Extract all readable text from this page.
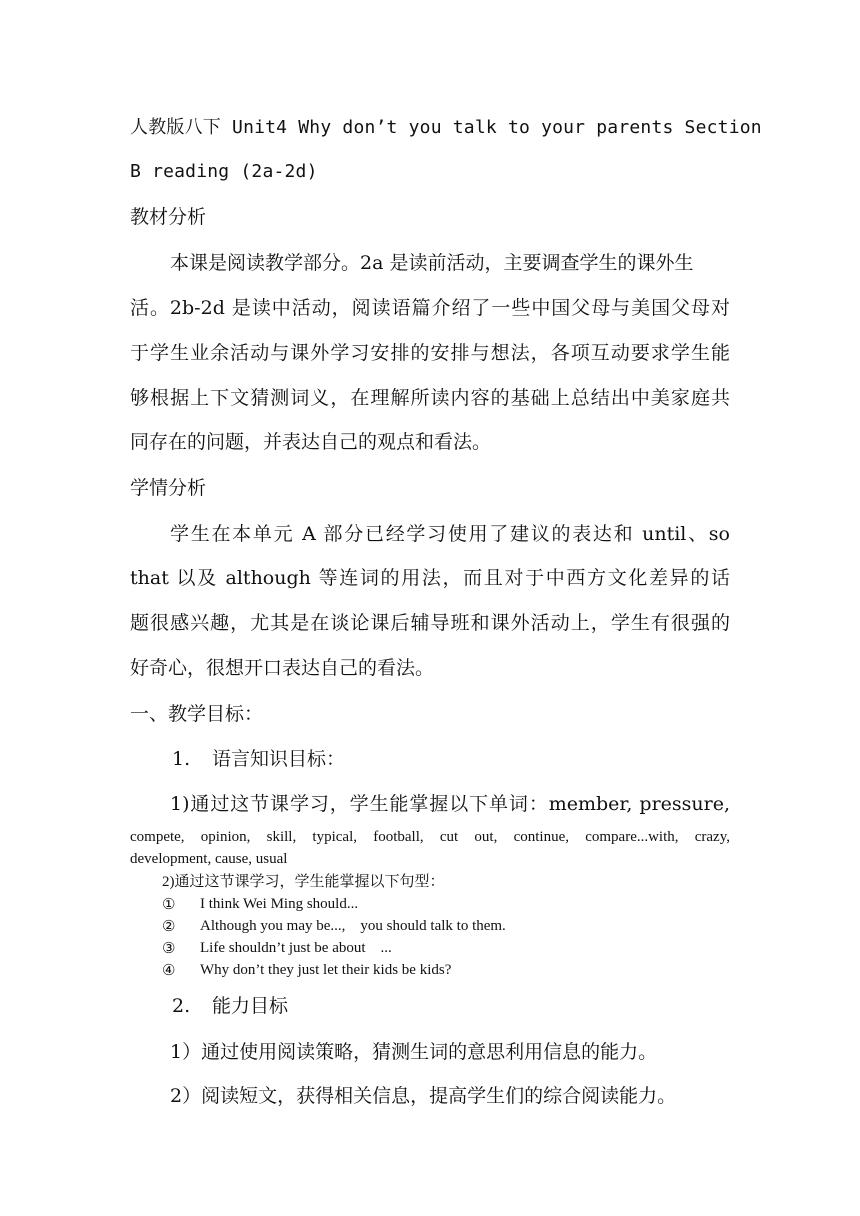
人教版八下 Unit4 Why don’t you talk to your parents Section
B reading (2a-2d)
教材分析
本课是阅读教学部分。2a 是读前活动，主要调查学生的课外生
活。2b-2d 是读中活动，阅读语篇介绍了一些中国父母与美国父母对
于学生业余活动与课外学习安排的安排与想法，各项互动要求学生能
够根据上下文猜测词义，在理解所读内容的基础上总结出中美家庭共
同存在的问题，并表达自己的观点和看法。
学情分析
学生在本单元 A 部分已经学习使用了建议的表达和 until、so
that 以及 although 等连词的用法，而且对于中西方文化差异的话
题很感兴趣，尤其是在谈论课后辅导班和课外活动上，学生有很强的
好奇心，很想开口表达自己的看法。
一、教学目标：
1.	语言知识目标：
1)通过这节课学习，学生能掌握以下单词：member, pressure,
compete, opinion, skill, typical, football, cut out, continue, compare...with, crazy,
development, cause, usual
2)通过这节课学习，学生能掌握以下句型：
①	I think Wei Ming should...
②	Although you may be...,    you should talk to them.
③	Life shouldn’t just be about    ...
④	Why don’t they just let their kids be kids?
2.	能力目标
1）通过使用阅读策略，猜测生词的意思利用信息的能力。
2）阅读短文，获得相关信息，提高学生们的综合阅读能力。
